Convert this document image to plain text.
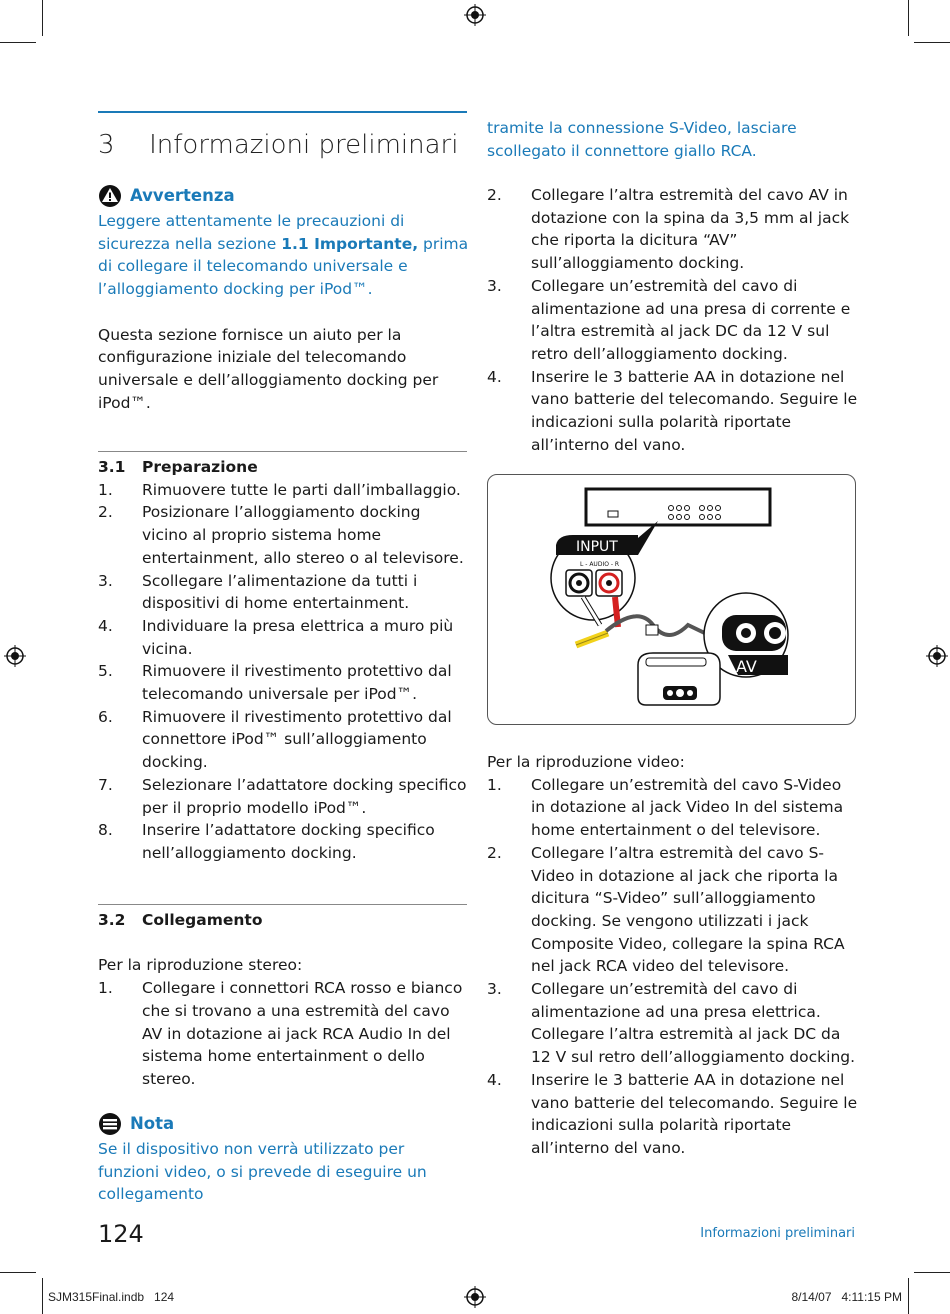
3 Informazioni preliminari
Avvertenza
Leggere attentamente le precauzioni di sicurezza nella sezione 1.1 Importante, prima di collegare il telecomando universale e l’alloggiamento docking per iPod™.
Questa sezione fornisce un aiuto per la configurazione iniziale del telecomando universale e dell’alloggiamento docking per iPod™.
3.1 Preparazione
1. Rimuovere tutte le parti dall’imballaggio.
2. Posizionare l’alloggiamento docking vicino al proprio sistema home entertainment, allo stereo o al televisore.
3. Scollegare l’alimentazione da tutti i dispositivi di home entertainment.
4. Individuare la presa elettrica a muro più vicina.
5. Rimuovere il rivestimento protettivo dal telecomando universale per iPod™.
6. Rimuovere il rivestimento protettivo dal connettore iPod™ sull’alloggiamento docking.
7. Selezionare l’adattatore docking specifico per il proprio modello iPod™.
8. Inserire l’adattatore docking specifico nell’alloggiamento docking.
3.2 Collegamento
Per la riproduzione stereo:
1. Collegare i connettori RCA rosso e bianco che si trovano a una estremità del cavo AV in dotazione ai jack RCA Audio In del sistema home entertainment o dello stereo.
Nota
Se il dispositivo non verrà utilizzato per funzioni video, o si prevede di eseguire un collegamento
tramite la connessione S-Video, lasciare scollegato il connettore giallo RCA.
2. Collegare l’altra estremità del cavo AV in dotazione con la spina da 3,5 mm al jack che riporta la dicitura “AV” sull’alloggiamento docking.
3. Collegare un’estremità del cavo di alimentazione ad una presa di corrente e l’altra estremità al jack DC da 12 V sul retro dell’alloggiamento docking.
4. Inserire le 3 batterie AA in dotazione nel vano batterie del telecomando. Seguire le indicazioni sulla polarità riportate all’interno del vano.
INPUT
L - AUDIO - R
AV
Per la riproduzione video:
1. Collegare un’estremità del cavo S-Video in dotazione al jack Video In del sistema home entertainment o del televisore.
2. Collegare l’altra estremità del cavo S-Video in dotazione al jack che riporta la dicitura “S-Video” sull’alloggiamento docking. Se vengono utilizzati i jack Composite Video, collegare la spina RCA nel jack RCA video del televisore.
3. Collegare un’estremità del cavo di alimentazione ad una presa elettrica. Collegare l’altra estremità al jack DC da 12 V sul retro dell’alloggiamento docking.
4. Inserire le 3 batterie AA in dotazione nel vano batterie del telecomando. Seguire le indicazioni sulla polarità riportate all’interno del vano.
124	Informazioni preliminari
SJM315Final.indb   124	8/14/07   4:11:15 PM
